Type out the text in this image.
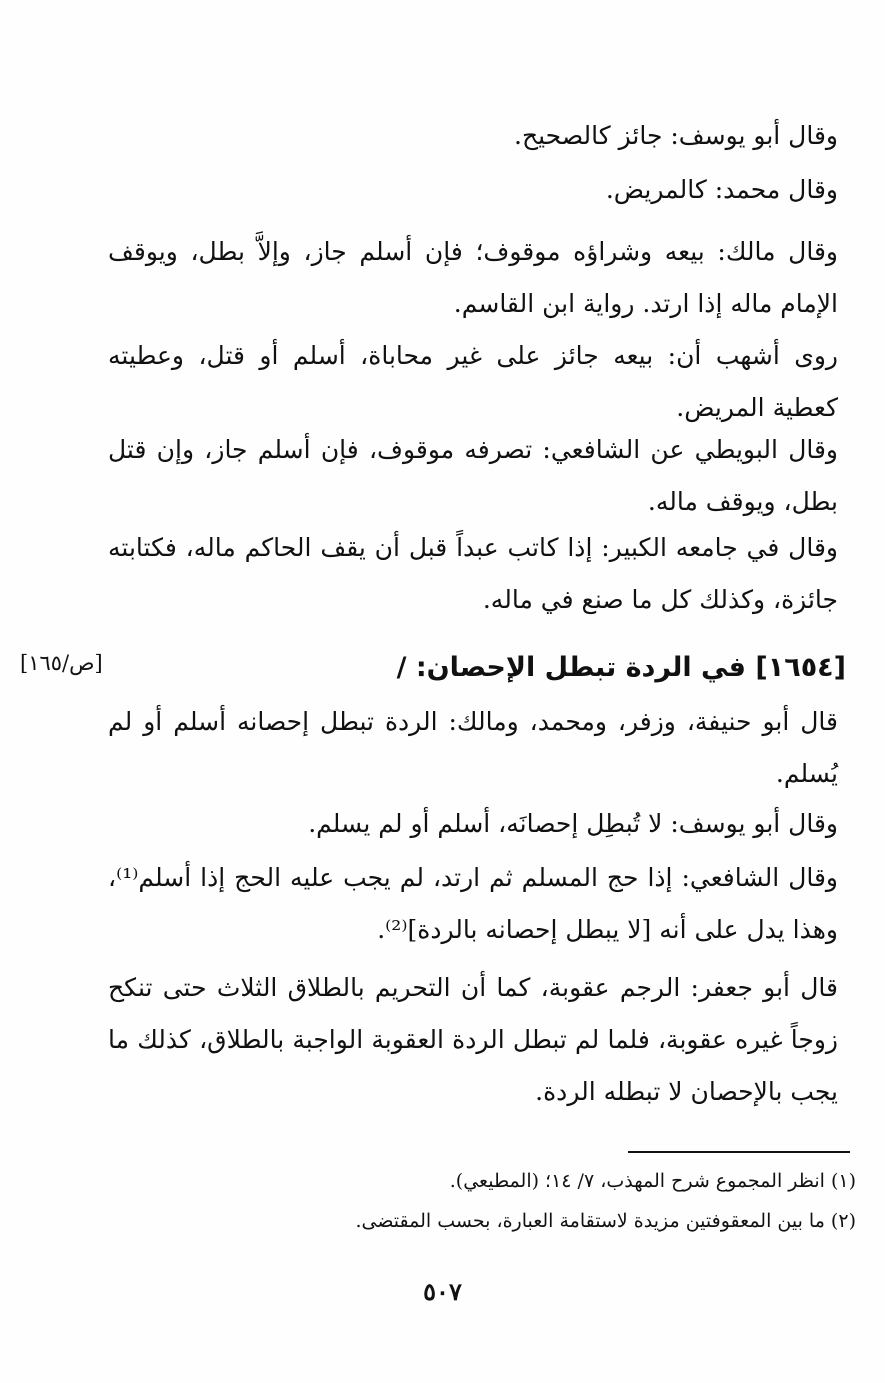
وقال أبو يوسف: جائز كالصحيح.

وقال محمد: كالمريض.

وقال مالك: بيعه وشراؤه موقوف؛ فإن أسلم جاز، وإلاَّ بطل، ويوقف الإمام ماله إذا ارتد. رواية ابن القاسم.

روى أشهب أن: بيعه جائز على غير محاباة، أسلم أو قتل، وعطيته كعطية المريض.

وقال البويطي عن الشافعي: تصرفه موقوف، فإن أسلم جاز، وإن قتل بطل، ويوقف ماله.

وقال في جامعه الكبير: إذا كاتب عبداً قبل أن يقف الحاكم ماله، فكتابته جائزة، وكذلك كل ما صنع في ماله.

[١٦٥٤] في الردة تبطل الإحصان: /
[ص/١٦٥]

قال أبو حنيفة، وزفر، ومحمد، ومالك: الردة تبطل إحصانه أسلم أو لم يُسلم.

وقال أبو يوسف: لا تُبطِل إحصانَه، أسلم أو لم يسلم.

وقال الشافعي: إذا حج المسلم ثم ارتد، لم يجب عليه الحج إذا أسلم⁽¹⁾، وهذا يدل على أنه [لا يبطل إحصانه بالردة]⁽²⁾.

قال أبو جعفر: الرجم عقوبة، كما أن التحريم بالطلاق الثلاث حتى تنكح زوجاً غيره عقوبة، فلما لم تبطل الردة العقوبة الواجبة بالطلاق، كذلك ما يجب بالإحصان لا تبطله الردة.

(١) انظر المجموع شرح المهذب، ٧/ ١٤؛ (المطيعي).

(٢) ما بين المعقوفتين مزيدة لاستقامة العبارة، بحسب المقتضى.

٥٠٧
